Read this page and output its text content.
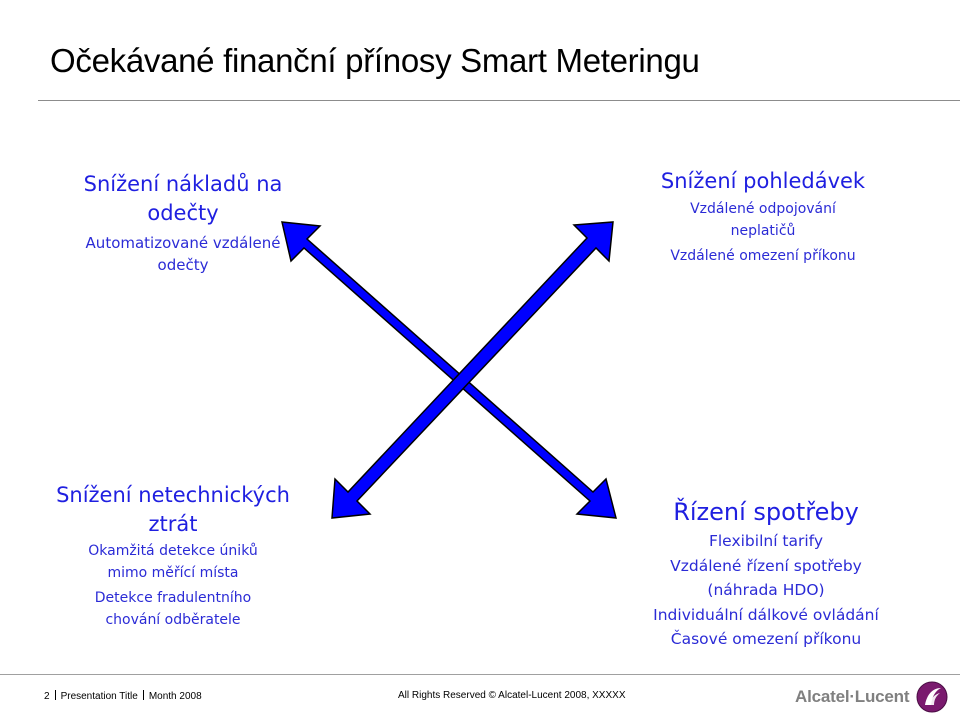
Očekávané finanční přínosy Smart Meteringu
Snížení nákladů na odečty
Automatizované vzdálené odečty
Snížení pohledávek
Vzdálené odpojování neplatičů
Vzdálené omezení příkonu
Snížení netechnických ztrát
Okamžitá detekce úniků mimo měřící místa
Detekce fradulentního chování odběratele
Řízení spotřeby
Flexibilní tarify
Vzdálené řízení spotřeby (náhrada HDO)
Individuální dálkové ovládání
Časové omezení příkonu
2 Presentation Title Month 2008	All Rights Reserved © Alcatel-Lucent 2008, XXXXX	Alcatel·Lucent
